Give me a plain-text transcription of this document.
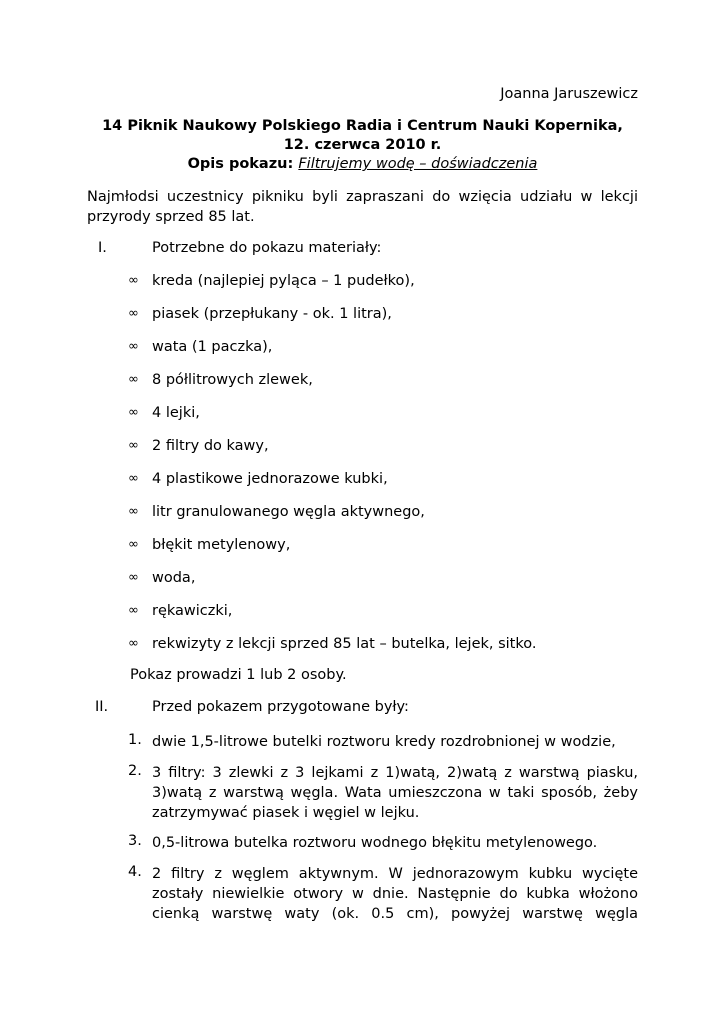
Joanna Jaruszewicz
14 Piknik Naukowy Polskiego Radia i Centrum Nauki Kopernika,
12. czerwca 2010 r.
Opis pokazu: Filtrujemy wodę – doświadczenia
Najmłodsi uczestnicy pikniku byli zapraszani do wzięcia udziału w lekcji przyrody sprzed 85 lat.
I.	Potrzebne do pokazu materiały:
∞ kreda (najlepiej pyląca – 1 pudełko),
∞ piasek (przepłukany - ok. 1 litra),
∞ wata (1 paczka),
∞ 8 półlitrowych zlewek,
∞ 4 lejki,
∞ 2 filtry do kawy,
∞ 4 plastikowe jednorazowe kubki,
∞ litr granulowanego węgla aktywnego,
∞ błękit metylenowy,
∞ woda,
∞ rękawiczki,
∞ rekwizyty z lekcji sprzed 85 lat – butelka, lejek, sitko.
Pokaz prowadzi 1 lub 2 osoby.
II.	Przed pokazem przygotowane były:
1. dwie 1,5-litrowe butelki roztworu kredy rozdrobnionej w wodzie,
2. 3 filtry: 3 zlewki z 3 lejkami z 1)watą, 2)watą z warstwą piasku, 3)watą z warstwą węgla. Wata umieszczona w taki sposób, żeby zatrzymywać piasek i węgiel w lejku.
3. 0,5-litrowa butelka roztworu wodnego błękitu metylenowego.
4. 2 filtry z węglem aktywnym. W jednorazowym kubku wycięte zostały niewielkie otwory w dnie. Następnie do kubka włożono cienką warstwę waty (ok. 0.5 cm), powyżej warstwę węgla
